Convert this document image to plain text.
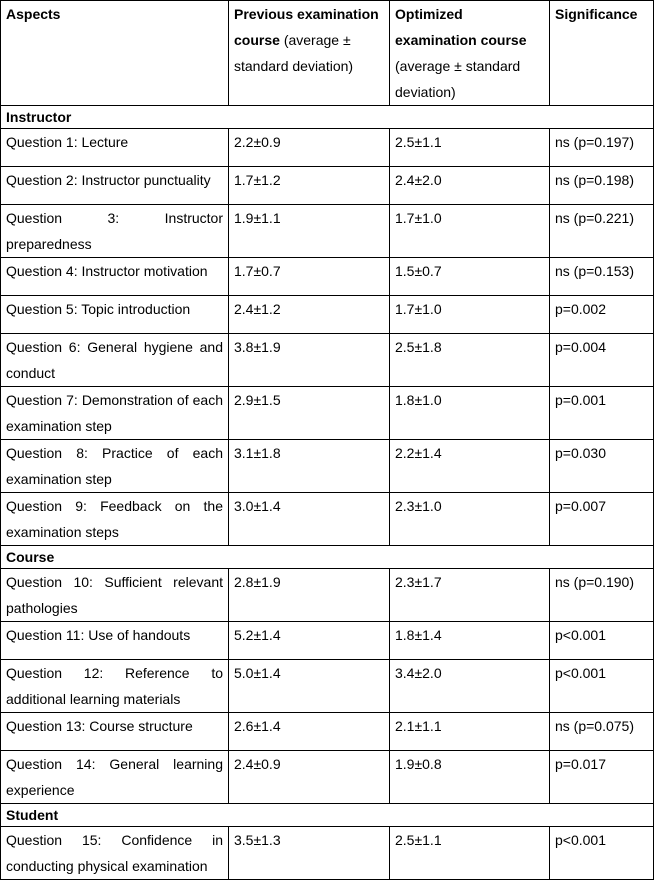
Aspects	Previous examination course (average ± standard deviation)	Optimized examination course (average ± standard deviation)	Significance
Instructor			
Question 1: Lecture	2.2±0.9	2.5±1.1	ns (p=0.197)
Question 2: Instructor punctuality	1.7±1.2	2.4±2.0	ns (p=0.198)
Question 3: Instructor preparedness	1.9±1.1	1.7±1.0	ns (p=0.221)
Question 4: Instructor motivation	1.7±0.7	1.5±0.7	ns (p=0.153)
Question 5: Topic introduction	2.4±1.2	1.7±1.0	p=0.002
Question 6: General hygiene and conduct	3.8±1.9	2.5±1.8	p=0.004
Question 7: Demonstration of each examination step	2.9±1.5	1.8±1.0	p=0.001
Question 8: Practice of each examination step	3.1±1.8	2.2±1.4	p=0.030
Question 9: Feedback on the examination steps	3.0±1.4	2.3±1.0	p=0.007
Course			
Question 10: Sufficient relevant pathologies	2.8±1.9	2.3±1.7	ns (p=0.190)
Question 11: Use of handouts	5.2±1.4	1.8±1.4	p<0.001
Question 12: Reference to additional learning materials	5.0±1.4	3.4±2.0	p<0.001
Question 13: Course structure	2.6±1.4	2.1±1.1	ns (p=0.075)
Question 14: General learning experience	2.4±0.9	1.9±0.8	p=0.017
Student			
Question 15: Confidence in conducting physical examination	3.5±1.3	2.5±1.1	p<0.001
